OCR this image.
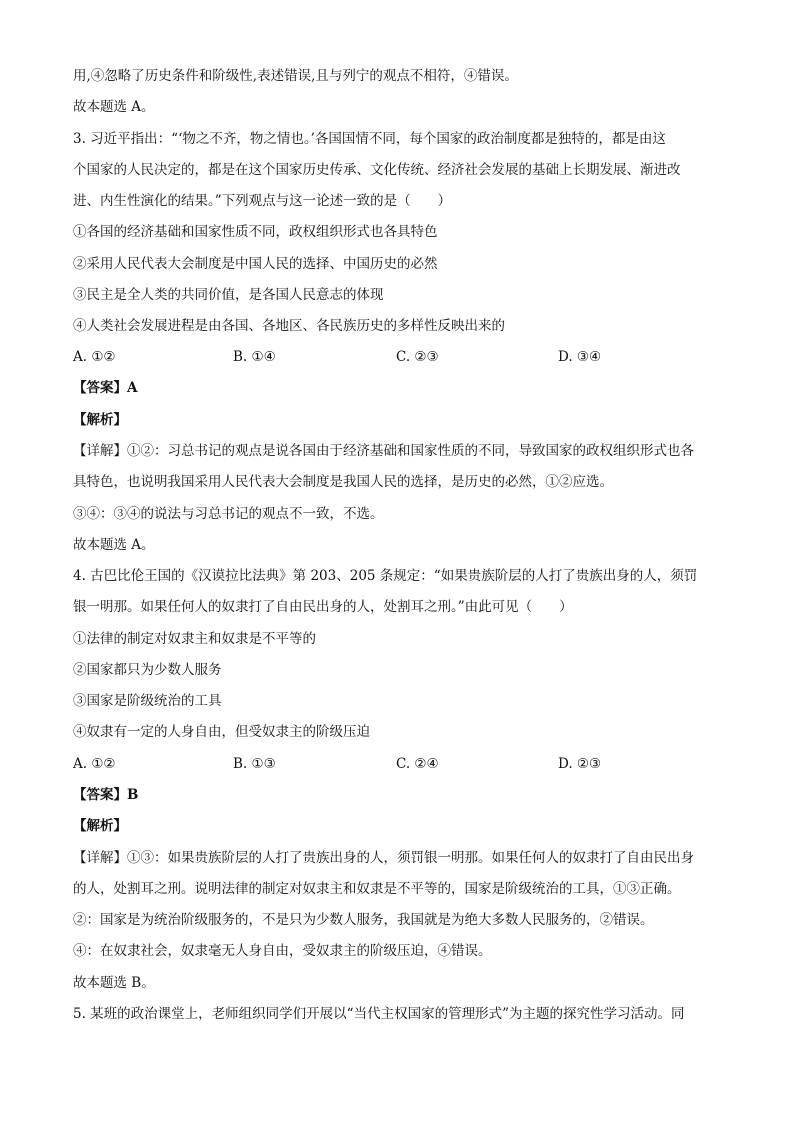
用,④忽略了历史条件和阶级性,表述错误,且与列宁的观点不相符，④错误。
故本题选 A。
3. 习近平指出：“‘物之不齐，物之情也。’各国国情不同，每个国家的政治制度都是独特的，都是由这
个国家的人民决定的，都是在这个国家历史传承、文化传统、经济社会发展的基础上长期发展、渐进改
进、内生性演化的结果。”下列观点与这一论述一致的是（　　）
①各国的经济基础和国家性质不同，政权组织形式也各具特色
②采用人民代表大会制度是中国人民的选择、中国历史的必然
③民主是全人类的共同价值，是各国人民意志的体现
④人类社会发展进程是由各国、各地区、各民族历史的多样性反映出来的
A. ①②	B. ①④	C. ②③	D. ③④
【答案】A
【解析】
【详解】①②：习总书记的观点是说各国由于经济基础和国家性质的不同，导致国家的政权组织形式也各
具特色，也说明我国采用人民代表大会制度是我国人民的选择，是历史的必然，①②应选。
③④：③④的说法与习总书记的观点不一致，不选。
故本题选 A。
4. 古巴比伦王国的《汉谟拉比法典》第 203、205 条规定：“如果贵族阶层的人打了贵族出身的人，须罚
银一明那。如果任何人的奴隶打了自由民出身的人，处割耳之刑。”由此可见（　　）
①法律的制定对奴隶主和奴隶是不平等的
②国家都只为少数人服务
③国家是阶级统治的工具
④奴隶有一定的人身自由，但受奴隶主的阶级压迫
A. ①②	B. ①③	C. ②④	D. ②③
【答案】B
【解析】
【详解】①③：如果贵族阶层的人打了贵族出身的人，须罚银一明那。如果任何人的奴隶打了自由民出身
的人，处割耳之刑。说明法律的制定对奴隶主和奴隶是不平等的，国家是阶级统治的工具，①③正确。
②：国家是为统治阶级服务的，不是只为少数人服务，我国就是为绝大多数人民服务的，②错误。
④：在奴隶社会，奴隶毫无人身自由，受奴隶主的阶级压迫，④错误。
故本题选 B。
5. 某班的政治课堂上，老师组织同学们开展以“当代主权国家的管理形式”为主题的探究性学习活动。同
